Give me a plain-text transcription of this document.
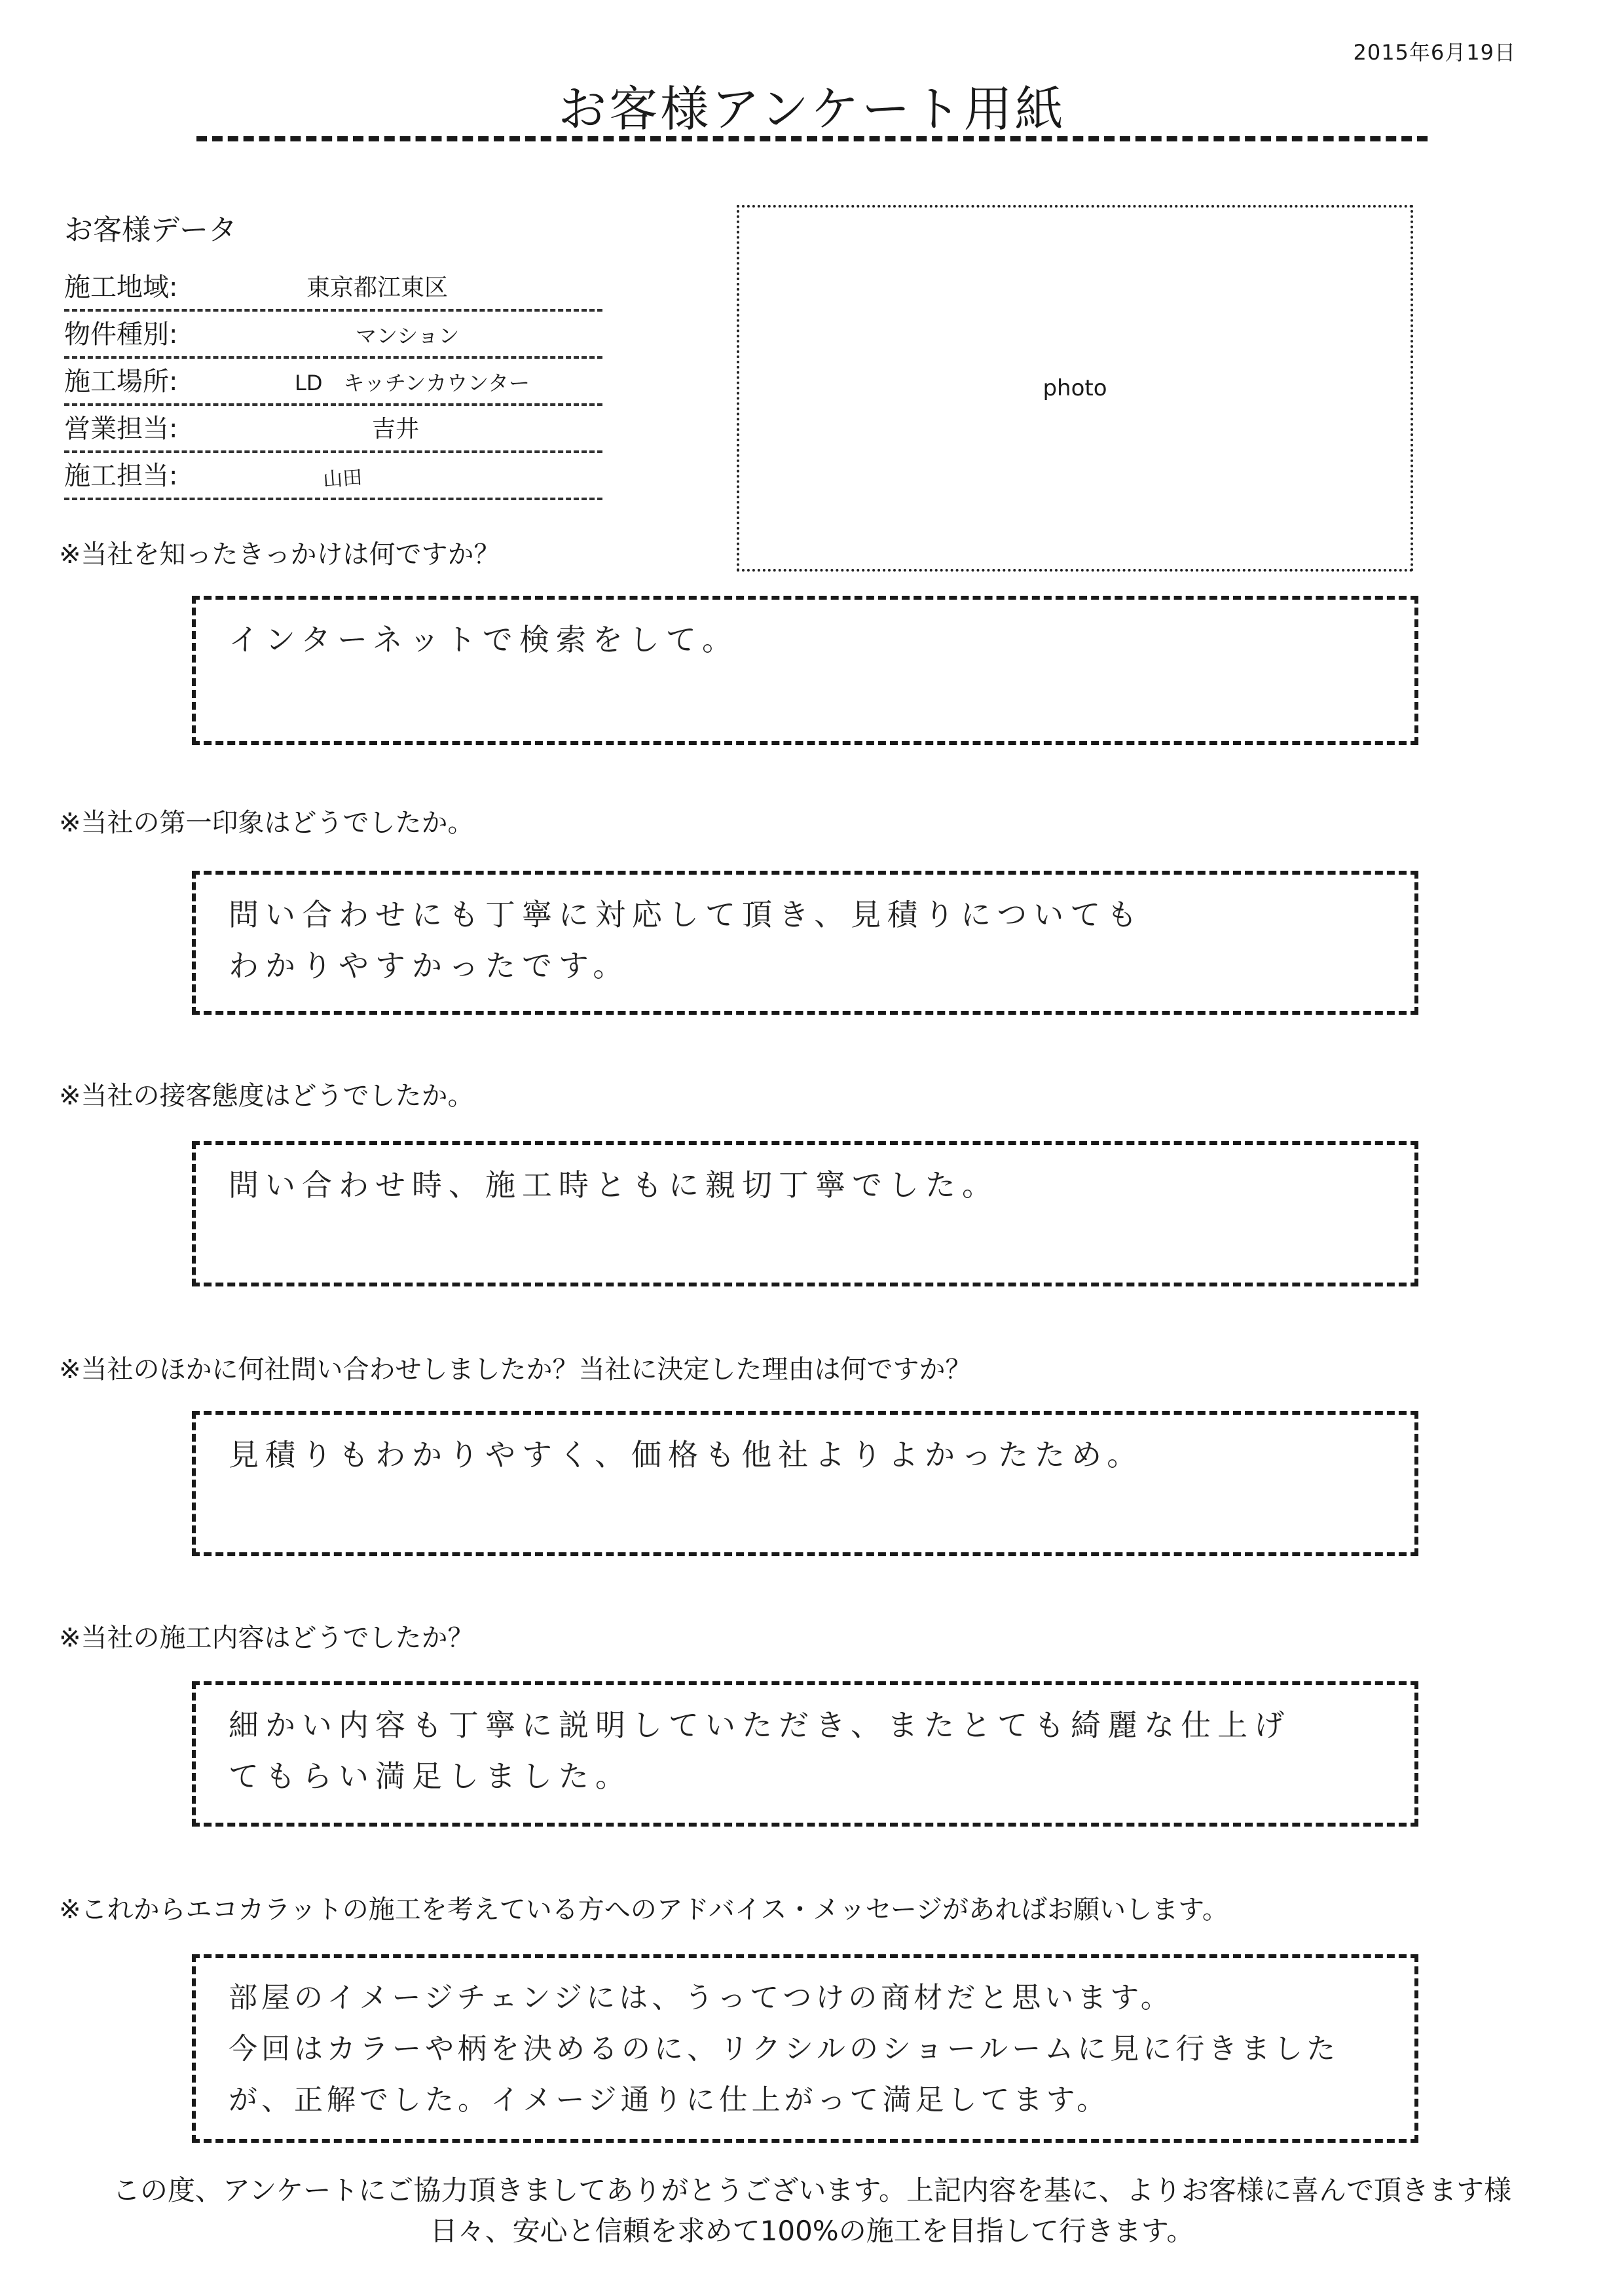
2015年6月19日
お客様アンケート用紙
お客様データ
施工地域:	東京都江東区
物件種別:	マンション
施工場所:	LD　キッチンカウンター
営業担当:	吉井
施工担当:	山田
photo
※当社を知ったきっかけは何ですか？
インターネットで検索をして。
※当社の第一印象はどうでしたか。
問い合わせにも丁寧に対応して頂き、見積りについても
わかりやすかったです。
※当社の接客態度はどうでしたか。
問い合わせ時、施工時ともに親切丁寧でした。
※当社のほかに何社問い合わせしましたか？当社に決定した理由は何ですか？
見積りもわかりやすく、価格も他社よりよかったため。
※当社の施工内容はどうでしたか？
細かい内容も丁寧に説明していただき、またとても綺麗な仕上げ
てもらい満足しました。
※これからエコカラットの施工を考えている方へのアドバイス・メッセージがあればお願いします。
部屋のイメージチェンジには、うってつけの商材だと思います。
今回はカラーや柄を決めるのに、リクシルのショールームに見に行きました
が、正解でした。イメージ通りに仕上がって満足してます。
この度、アンケートにご協力頂きましてありがとうございます。上記内容を基に、よりお客様に喜んで頂きます様
日々、安心と信頼を求めて100%の施工を目指して行きます。
